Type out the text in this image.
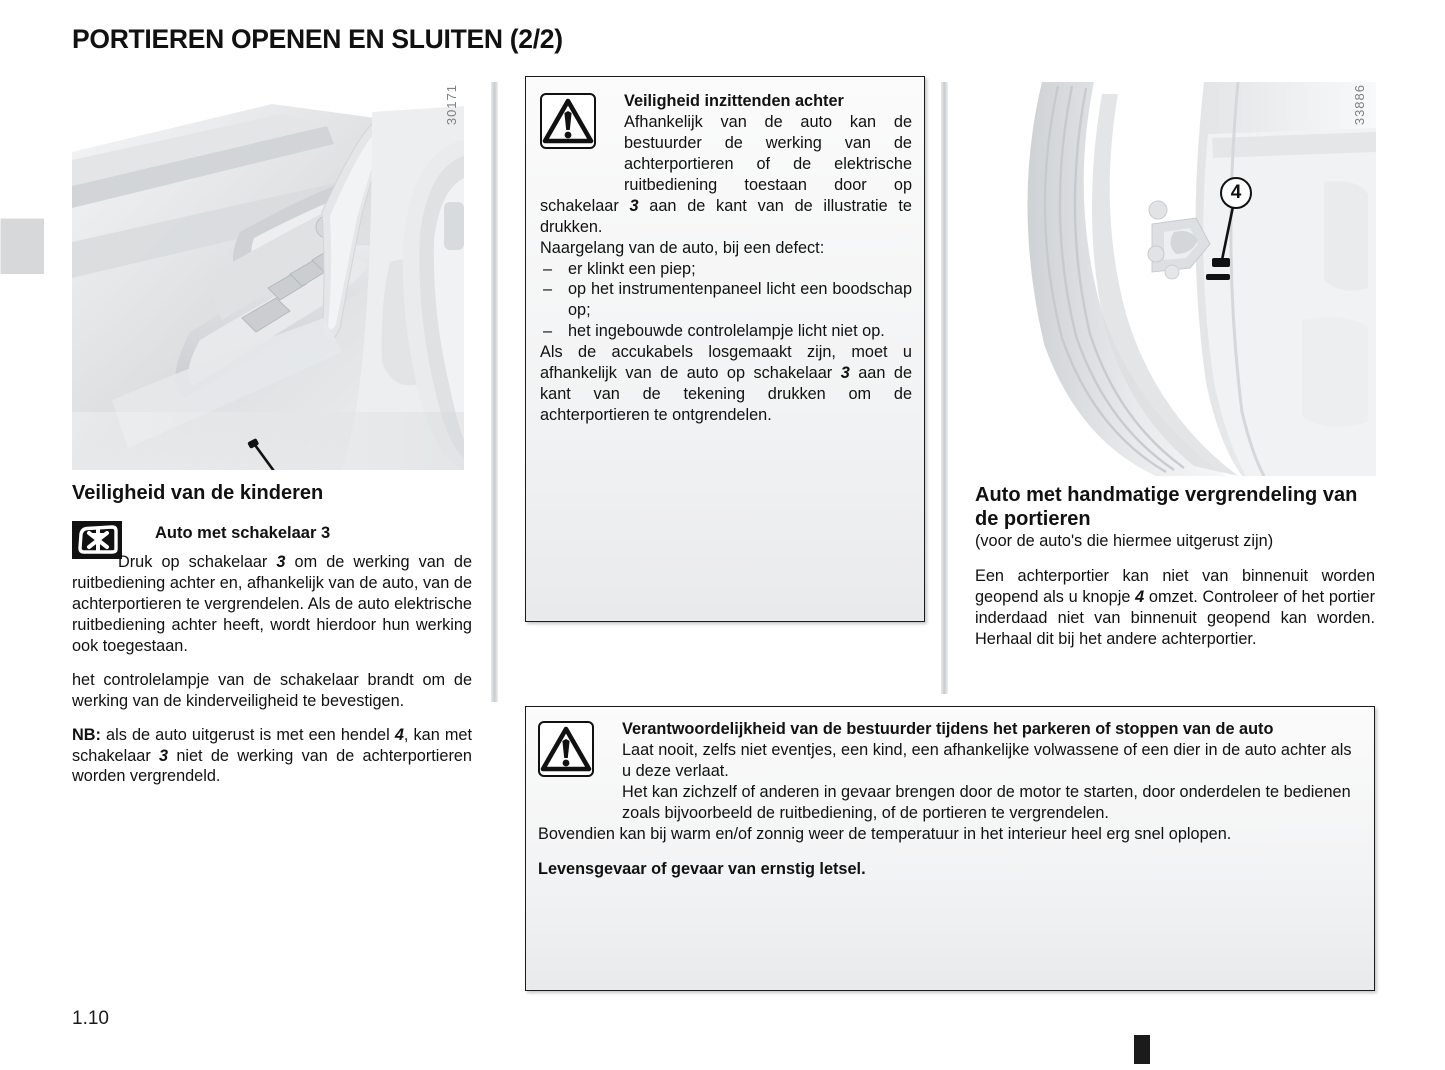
PORTIEREN OPENEN EN SLUITEN (2/2)
30171
4
33886
Veiligheid van de kinderen

Auto met schakelaar 3

Druk op schakelaar 3 om de werking van de ruitbediening achter en, afhankelijk van de auto, van de achterportieren te vergrendelen. Als de auto elektrische ruitbediening achter heeft, wordt hierdoor hun werking ook toegestaan.

het controlelampje van de schakelaar brandt om de werking van de kinderveiligheid te bevestigen.

NB: als de auto uitgerust is met een hendel 4, kan met schakelaar 3 niet de werking van de achterportieren worden vergrendeld.

Veiligheid inzittenden achter

Afhankelijk van de auto kan de bestuurder de werking van de achterportieren of de elektrische ruitbediening toestaan door op schakelaar 3 aan de kant van de illustratie te drukken.

Naargelang van de auto, bij een defect:

– er klinkt een piep;
– op het instrumentenpaneel licht een boodschap op;
– het ingebouwde controlelampje licht niet op.

Als de accukabels losgemaakt zijn, moet u afhankelijk van de auto op schakelaar 3 aan de kant van de tekening drukken om de achterportieren te ontgrendelen.

Auto met handmatige vergrendeling van de portieren

(voor de auto's die hiermee uitgerust zijn)

Een achterportier kan niet van binnenuit worden geopend als u knopje 4 omzet. Controleer of het portier inderdaad niet van binnenuit geopend kan worden. Herhaal dit bij het andere achterportier.

Verantwoordelijkheid van de bestuurder tijdens het parkeren of stoppen van de auto

Laat nooit, zelfs niet eventjes, een kind, een afhankelijke volwassene of een dier in de auto achter als u deze verlaat.

Het kan zichzelf of anderen in gevaar brengen door de motor te starten, door onderdelen te bedienen zoals bijvoorbeeld de ruitbediening, of de portieren te vergrendelen.

Bovendien kan bij warm en/of zonnig weer de temperatuur in het interieur heel erg snel oplopen.

Levensgevaar of gevaar van ernstig letsel.

1.10
